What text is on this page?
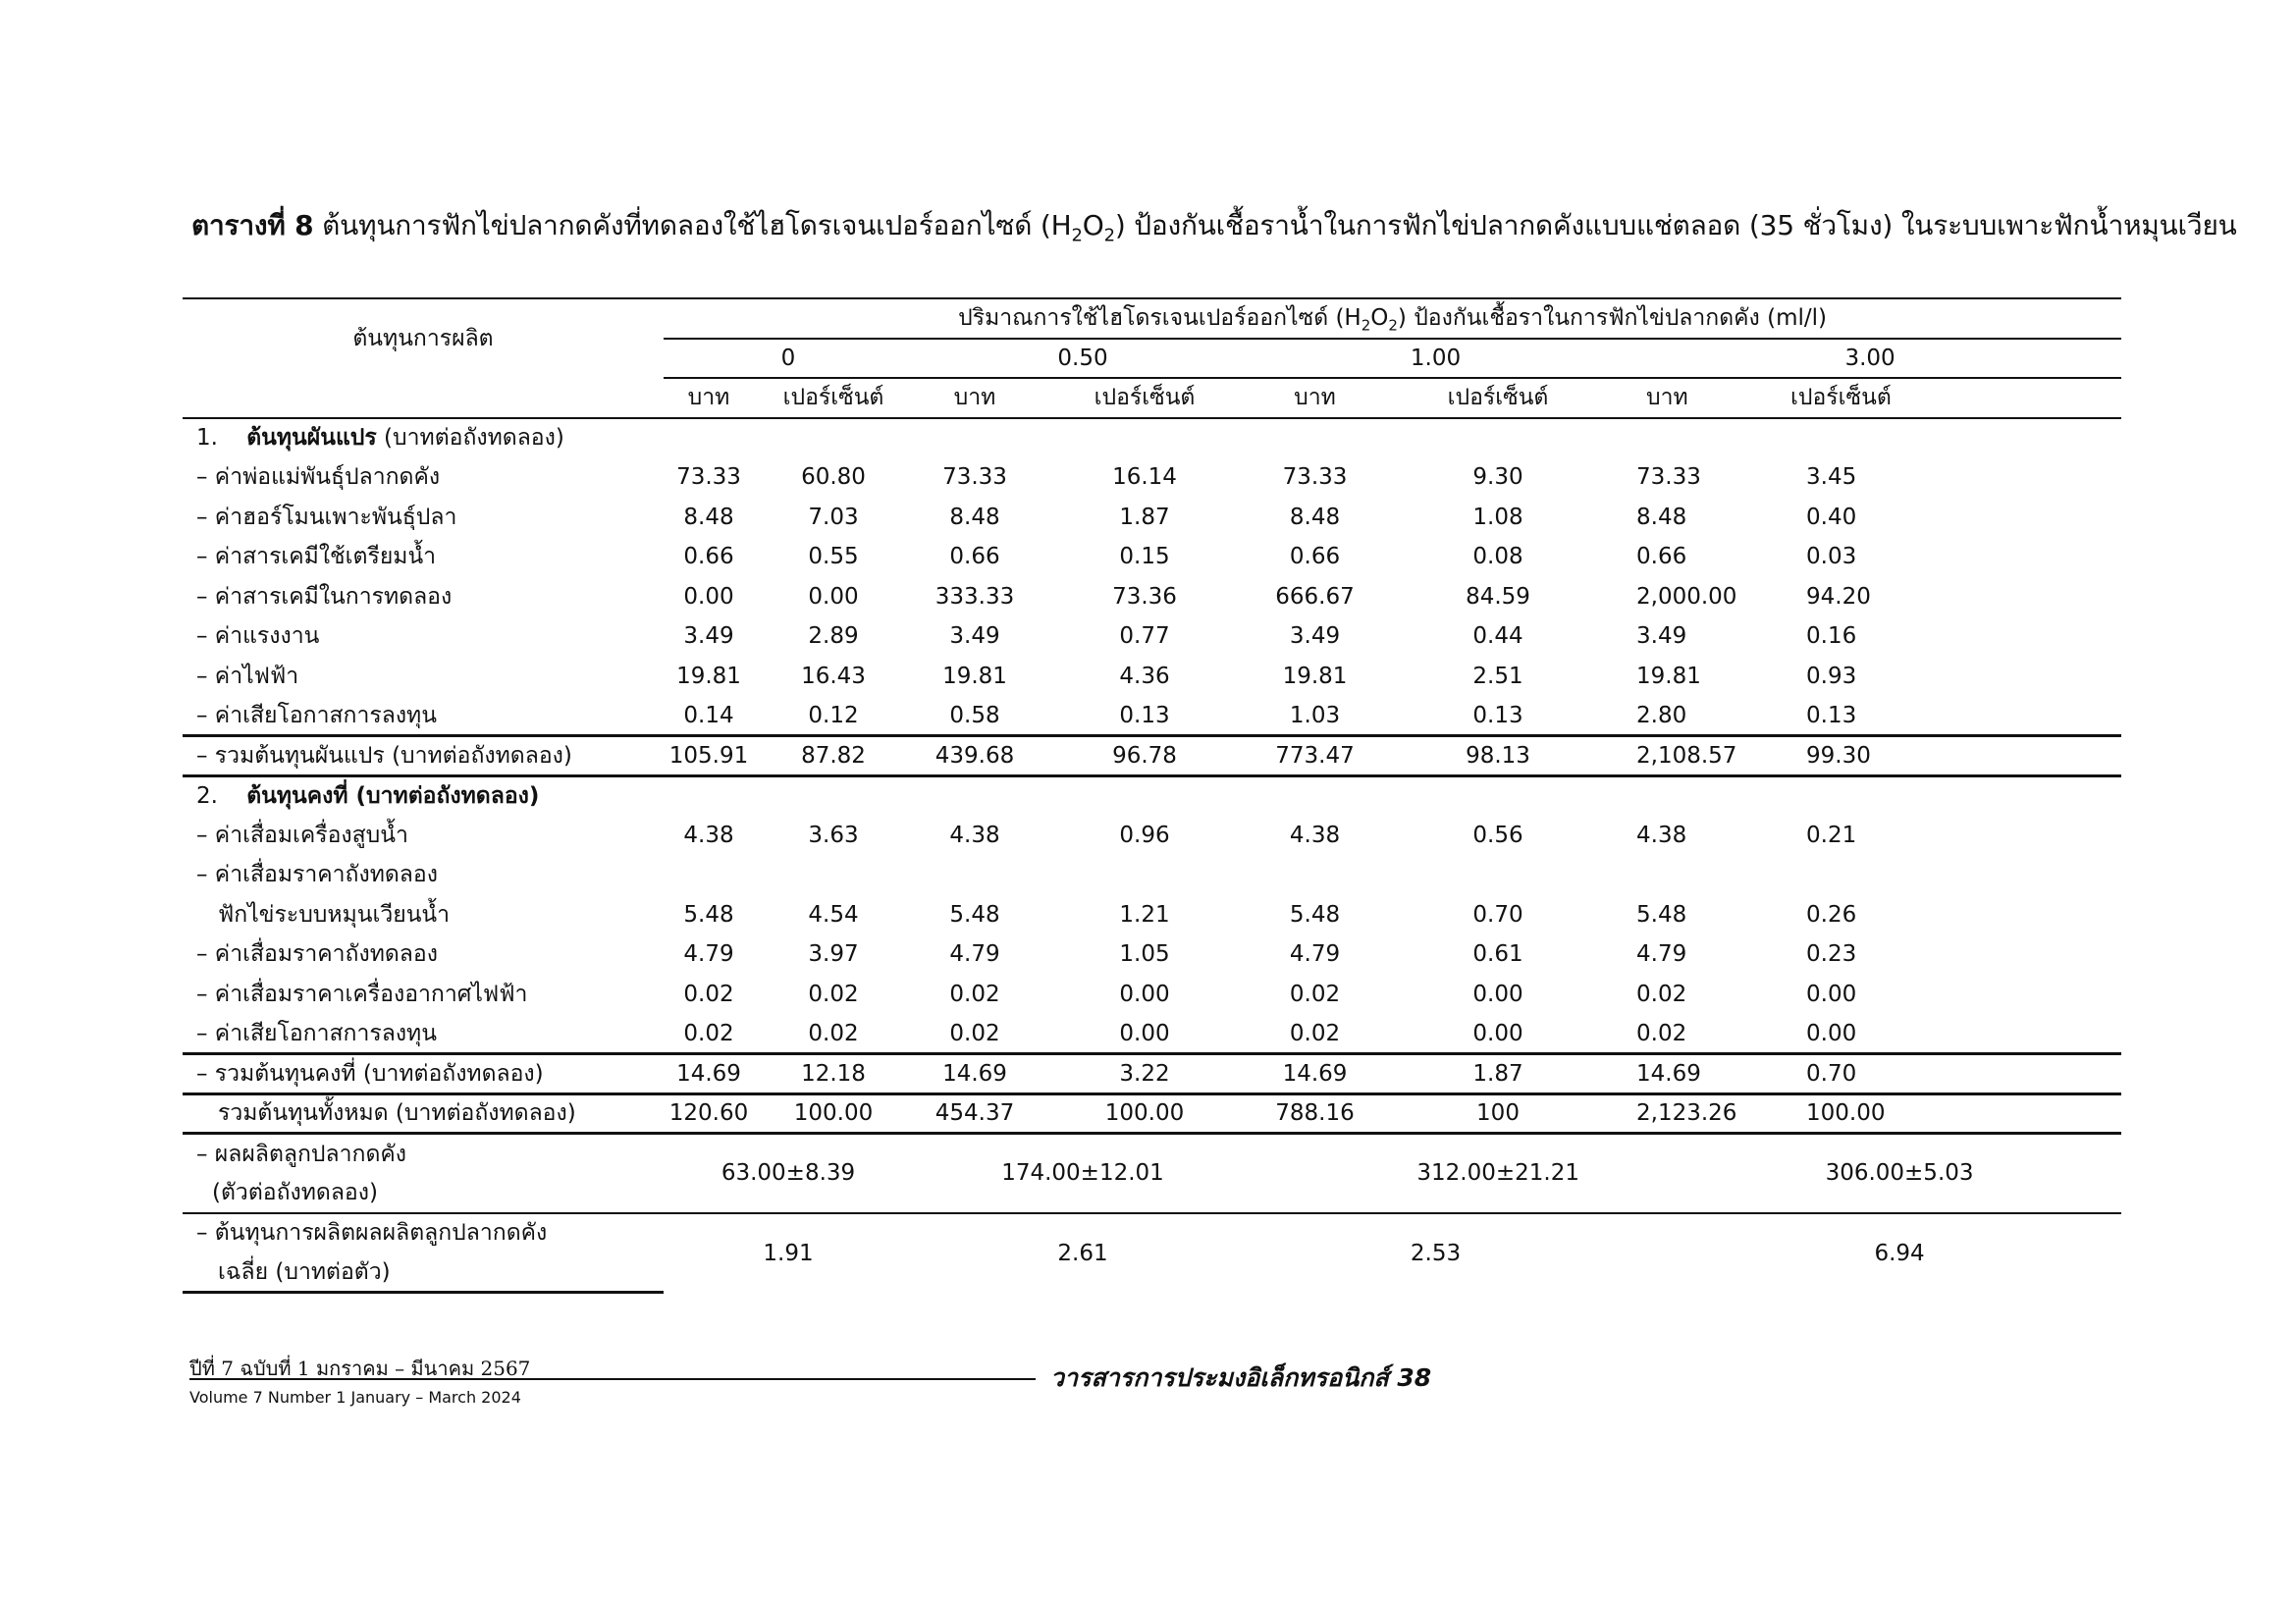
ตารางที่ 8 ต้นทุนการฟักไข่ปลากดคังที่ทดลองใช้ไฮโดรเจนเปอร์ออกไซด์ $(H_2O_2)$ ป้องกันเชื้อราน้ำในการฟักไข่ปลากดคังแบบแช่ตลอด (35 ชั่วโมง) ในระบบเพาะฟักน้ำหมุนเวียน
ต้นทุนการผลิต	ปริมาณการใช้ไฮโดรเจนเปอร์ออกไซด์ $(H_2O_2)$ ป้องกันเชื้อราในการฟักไข่ปลากดคัง (ml/l)							
	0		0.50		1.00		3.00	
	บาท	เปอร์เซ็นต์	บาท	เปอร์เซ็นต์	บาท	เปอร์เซ็นต์	บาท	เปอร์เซ็นต์
1. ต้นทุนผันแปร (บาทต่อถังทดลอง)								
– ค่าพ่อแม่พันธุ์ปลากดคัง	73.33	60.80	73.33	16.14	73.33	9.30	73.33	3.45
– ค่าฮอร์โมนเพาะพันธุ์ปลา	8.48	7.03	8.48	1.87	8.48	1.08	8.48	0.40
– ค่าสารเคมีใช้เตรียมน้ำ	0.66	0.55	0.66	0.15	0.66	0.08	0.66	0.03
– ค่าสารเคมีในการทดลอง	0.00	0.00	333.33	73.36	666.67	84.59	2,000.00	94.20
– ค่าแรงงาน	3.49	2.89	3.49	0.77	3.49	0.44	3.49	0.16
– ค่าไฟฟ้า	19.81	16.43	19.81	4.36	19.81	2.51	19.81	0.93
– ค่าเสียโอกาสการลงทุน	0.14	0.12	0.58	0.13	1.03	0.13	2.80	0.13
– รวมต้นทุนผันแปร (บาทต่อถังทดลอง)	105.91	87.82	439.68	96.78	773.47	98.13	2,108.57	99.30
2. ต้นทุนคงที่ (บาทต่อถังทดลอง)								
– ค่าเสื่อมเครื่องสูบน้ำ	4.38	3.63	4.38	0.96	4.38	0.56	4.38	0.21
– ค่าเสื่อมราคาถังทดลอง								
ฟักไข่ระบบหมุนเวียนน้ำ	5.48	4.54	5.48	1.21	5.48	0.70	5.48	0.26
– ค่าเสื่อมราคาถังทดลอง	4.79	3.97	4.79	1.05	4.79	0.61	4.79	0.23
– ค่าเสื่อมราคาเครื่องอากาศไฟฟ้า	0.02	0.02	0.02	0.00	0.02	0.00	0.02	0.00
– ค่าเสียโอกาสการลงทุน	0.02	0.02	0.02	0.00	0.02	0.00	0.02	0.00
– รวมต้นทุนคงที่ (บาทต่อถังทดลอง)	14.69	12.18	14.69	3.22	14.69	1.87	14.69	0.70
รวมต้นทุนทั้งหมด (บาทต่อถังทดลอง)	120.60	100.00	454.37	100.00	788.16	100	2,123.26	100.00
– ผลผลิตลูกปลากดคัง	63.00±8.39		174.00±12.01		312.00±21.21		306.00±5.03	
(ตัวต่อถังทดลอง)								
– ต้นทุนการผลิตผลผลิตลูกปลากดคัง	1.91		2.61		2.53		6.94	
เฉลี่ย (บาทต่อตัว)								
ปีที่ 7 ฉบับที่ 1 มกราคม – มีนาคม 2567
Volume 7 Number 1 January – March 2024
วารสารการประมงอิเล็กทรอนิกส์ 38
